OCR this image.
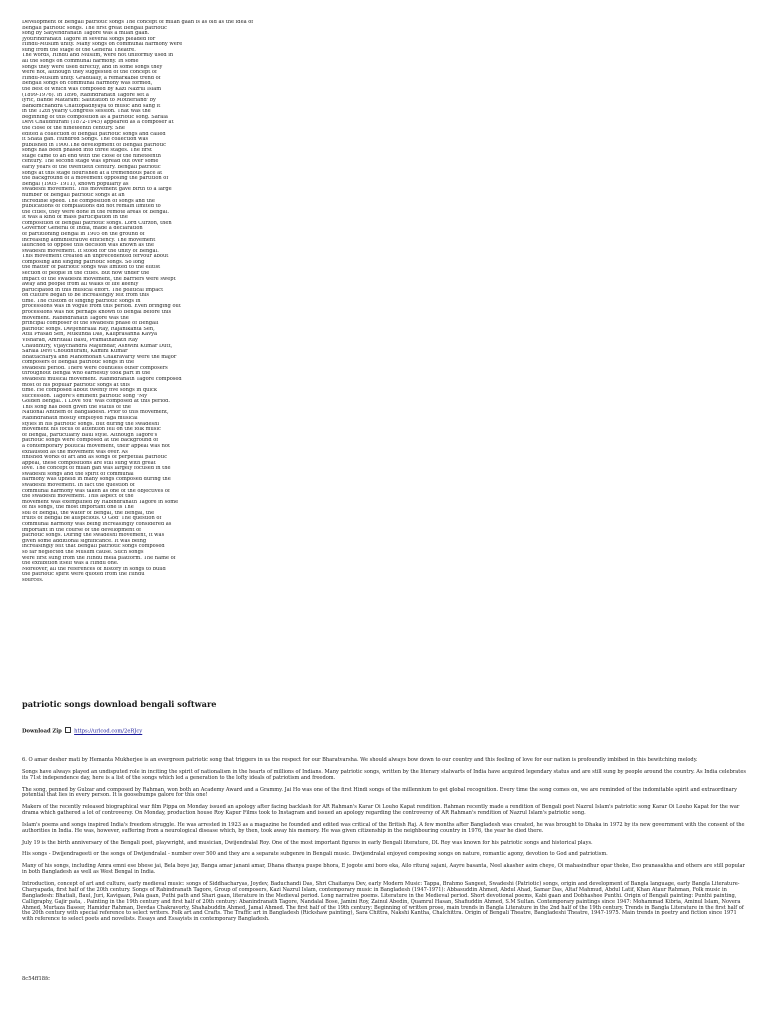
Development of Bengali patriotic songs The concept of milan gaan is as old as the idea of
Bengali patriotic songs. The first great Bengali patriotic
song by Satyendranath Tagore was a milan gaan.
Jyotirindranath Tagore in several songs pleaded for
Hindu-Muslim unity. Many songs on communal harmony were
sung from the stage of the General Theatre.
The words, Hindu and Muslim, were not uniformly used in
all the songs on communal harmony. In some
songs they were used directly, and in some songs they
were not, although they suggested of the concept of
Hindu-Muslim unity. Gradually, a remarkable trend of
Bengali songs on communal harmony was formed,
the best of which was composed by Kazi Nazrul Islam
(1899-1976). In 1896, Rabindranath Tagore set a
lyric, Bande Mataram: Salutation to Motherland' by
Bankimchandra Chattopadhyaya to music and sang it
in the 12th yearly Congress session. That was the
beginning of this composition as a patriotic song. Sarala
Devi Chaudhurani (1872-1945) appeared as a composer at
the close of the nineteenth century. She
edited a collection of Bengali patriotic songs and called
it Shata gan. Hundred Songs. The collection was
published in 1900.The development of Bengali patriotic
songs has been phased into three stages. The first
stage came to an end with the close of the nineteenth
century. The second stage was spread out over some
early years of the twentieth century. Bengali patriotic
songs at this stage flourished at a tremendous pace at
the background of a movement opposing the partition of
Bengal (1905- 1911), known popularly as
swadeshi movement. This movement gave birth to a large
number of Bengali patriotic songs at an
incredible speed. The composition of songs and the
publications of compilations did not remain limited to
the cities, they were done in the remote areas of Bengal.
It was a kind of mass participation in the
composition of Bengali patriotic songs. Lord Curzon, then
Governor General of India, made a declaration
of partitioning Bengal in 1905 on the ground of
increasing administrative efficiency. The movement
launched to oppose this decision was known as the
swadeshi movement. It stood for the unity of Bengal.
This movement created an unprecedented fervour about
composing and singing patriotic songs. So long
the matter of patriotic songs was limited to the elitist
section of people in the cities. But now under the
impact of the swadeshi movement, the barriers were swept
away and people from all walks of life keenly
participated in this musical effort. The political impact
on culture began to be increasingly felt from this
time. The custom of singing patriotic songs in
processions was in vogue from this period. Even bringing out
processions was not perhaps known to Bengal before this
movement. Rabindranath Tagore was the
principal composer of the swadeshi phase of Bengali
patriotic songs. Dwijendralal Ray, Rajanikanta Sen,
Atul Prasad Sen, Mukunda Das, Kaliprasanna Kavya
Visharad, Amritalal Basu, Pramathanath Ray
Chaudhury, Vijaychandra Majumdar, Ashwini Kumar Dutt,
Sarala Devi Choudhurani, Kamini Kumar
Bhattacharya and Manomohan Chakravarty were the major
composers of Bengali patriotic songs in the
swadeshi period. There were countless other composers
throughout Bengal who earnestly took part in the
swadeshi musical movement. Rabindranath Tagore composed
most of his popular patriotic songs at this
time. He composed about twenty five songs in quick
succession. Tagore's eminent patriotic song "My
Golden Bengal.. I Love You' was composed at this period.
This song has been given the status of the
National Anthem of Bangladesh. Prior to this movement,
Rabindranath mostly employed raga musical
styles in his patriotic songs. But during the swadeshi
movement his focus of attention fell on the folk music
of Bengal, particularly Baul style. Although Tagore's
patriotic songs were composed at the background of
a contemporary political movement, their appeal was not
exhausted as the movement was over. As
finished works of art and as songs of perpetual patriotic
appeal, these compositions are still sung with great
love. The concept of milan gan was largely focused in the
swadeshi songs and the spirit of communal
harmony was upheld in many songs composed during the
swadeshi movement. In fact the question of
communal harmony was taken as one of the objectives of
the swadeshi movement. This aspect of the
movement was exemplified by Rabindranath Tagore in some
of his songs, the most important one is The
soil of Bengal, the water of Bengal, the Bengal, the
fruits of Bengal be auspicious. O God' The question of
communal harmony was being increasingly considered as
important in the course of the development of
patriotic songs. During the swadeshi movement, it was
given some additional significance. It was being
increasingly felt that Bengali patriotic songs composed
so far neglected the Muslim cause. Such songs
were first sung from the Hindu mela platform. The name of
the exhibition itself was a Hindu one.
Moreover, all the references of history in songs to build
the patriotic spirit were quoted from the Hindu
sources.
patriotic songs download bengali software
Download Zip https://urlcod.com/2eRJcy

6. O amar desher mati by Hemanta Mukherjee is an evergreen patriotic song that triggers in us the respect for our Bharatvarsha. We should always bow down to our country and this feeling of love for our nation is profoundly imbibed in this bewitching melody.

Songs have always played an undisputed role in inciting the spirit of nationalism in the hearts of millions of Indians. Many patriotic songs, written by the literary stalwarts of India have acquired legendary status and are still sung by people around the country. As India celebrates its 71st independence day, here is a list of the songs which led a generation to the lofty ideals of patriotism and freedom.

The song, penned by Gulzar and composed by Rahman, won both an Academy Award and a Grammy. Jai Ho was one of the first Hindi songs of the millennium to get global recognition. Every time the song comes on, we are reminded of the indomitable spirit and extraordinary potential that lies in every person. It is goosebumps galore for this one!

Makers of the recently released biographical war film Pippa on Monday issued an apology after facing backlash for AR Rahman's Karar Oi Louho Kapat rendition. Rahman recently made a rendition of Bengali poet Nazrul Islam's patriotic song Karar Oi Louho Kapat for the war drama which gathered a lot of controversy. On Monday, production house Roy Kapur Films took to Instagram and issued an apology regarding the controversy of AR Rahman's rendition of Nazrul Islam's patriotic song.

Islam's poems and songs inspired India's freedom struggle. He was arrested in 1923 as a magazine he founded and edited was critical of the British Raj. A few months after Bangladesh was created, he was brought to Dhaka in 1972 by its new government with the consent of the authorities in India. He was, however, suffering from a neurological disease which, by then, took away his memory. He was given citizenship in the neighbouring country in 1976, the year he died there.

July 19 is the birth anniversary of the Bengali poet, playwright, and musician, Dwijendralal Roy. One of the most important figures in early Bengali literature, DL Roy was known for his patriotic songs and historical plays.

His songs - Dwijendrageeti or the songs of Dwijendralal - number over 500 and they are a separate subgenre in Bengali music. Dwijendralal enjoyed composing songs on nature, romantic agony, devotion to God and patriotism.

Many of his songs, including Amra emni ese bhese jai, Bela boye jay, Banga amar janani amar, Dhana dhanya puspe bhora, E jogote ami boro eka, Ailo rituraj sajani, Aayre basanta, Neel akasher asim cheye, Oi mahasindhur opar theke, Eso pranasakha and others are still popular in both Bangladesh as well as West Bengal in India.

Introduction, concept of art and culture, early medieval music: songs of Siddhacharyas, Joydev, Baduchandi Das, Shri Chaitanya Dev, early Modern Music: Tappa, Brahmo Sangeet, Swadeshi (Patriotic) songs, origin and development of Bangla language, early Bangla Literature- Charyapada, first half of the 20th century. Songs of Rabindranath Tagore, Group of composers, Kazi Nazrul Islam, contemporary music in Bangladesh (1947-1971): Abbasuddin Ahmed, Abdul Ahad, Samar Das, Altaf Mahmud, Abdul Latif, Khan Ataur Rahman, Folk music in Bangladesh: Bhatiali, Baul, Juri, Kavigaan, Pala gaan, Puthi path and Shari gaan, literature in the Medieval period. Long narrative poems. Literature in the Medieval period. Short devotional poems, Kabi gaan and Dobhashee Punthi. Origin of Bengali painting: Punthi painting, Calligraphy, Gajir pata, . Painting in the 19th century and first half of 20th century: Abanindranath Tagore, Nandalal Bose, Jamini Roy, Zainul Abedin, Quamrul Hasan, Shafiuddin Ahmed, S.M Sultan. Contemporary paintings since 1947: Mohammad Kibria, Aminul Islam, Novera Ahmed, Murtaza Baseer, Hamidur Rahman, Devdas Chakravorty, Shahabuddin Ahmed, Jamal Ahmed. The first half of the 19th century: Beginning of written prose, main trends in Bangla Literature in the 2nd half of the 19th century. Trends in Bangla Literature in the first half of the 20th century with special reference to select writers. Folk art and Crafts. The Traffic art in Bangladesh (Rickshaw painting), Sara Chittra, Nakshi Kantha, Chalchittra. Origin of Bengali Theatre, Bangladeshi Theatre, 1947-1975. Main trends in poetry and fiction since 1971 with reference to select poets and novelists. Essays and Essayists in contemporary Bangladesh.

8c54ff18fc
